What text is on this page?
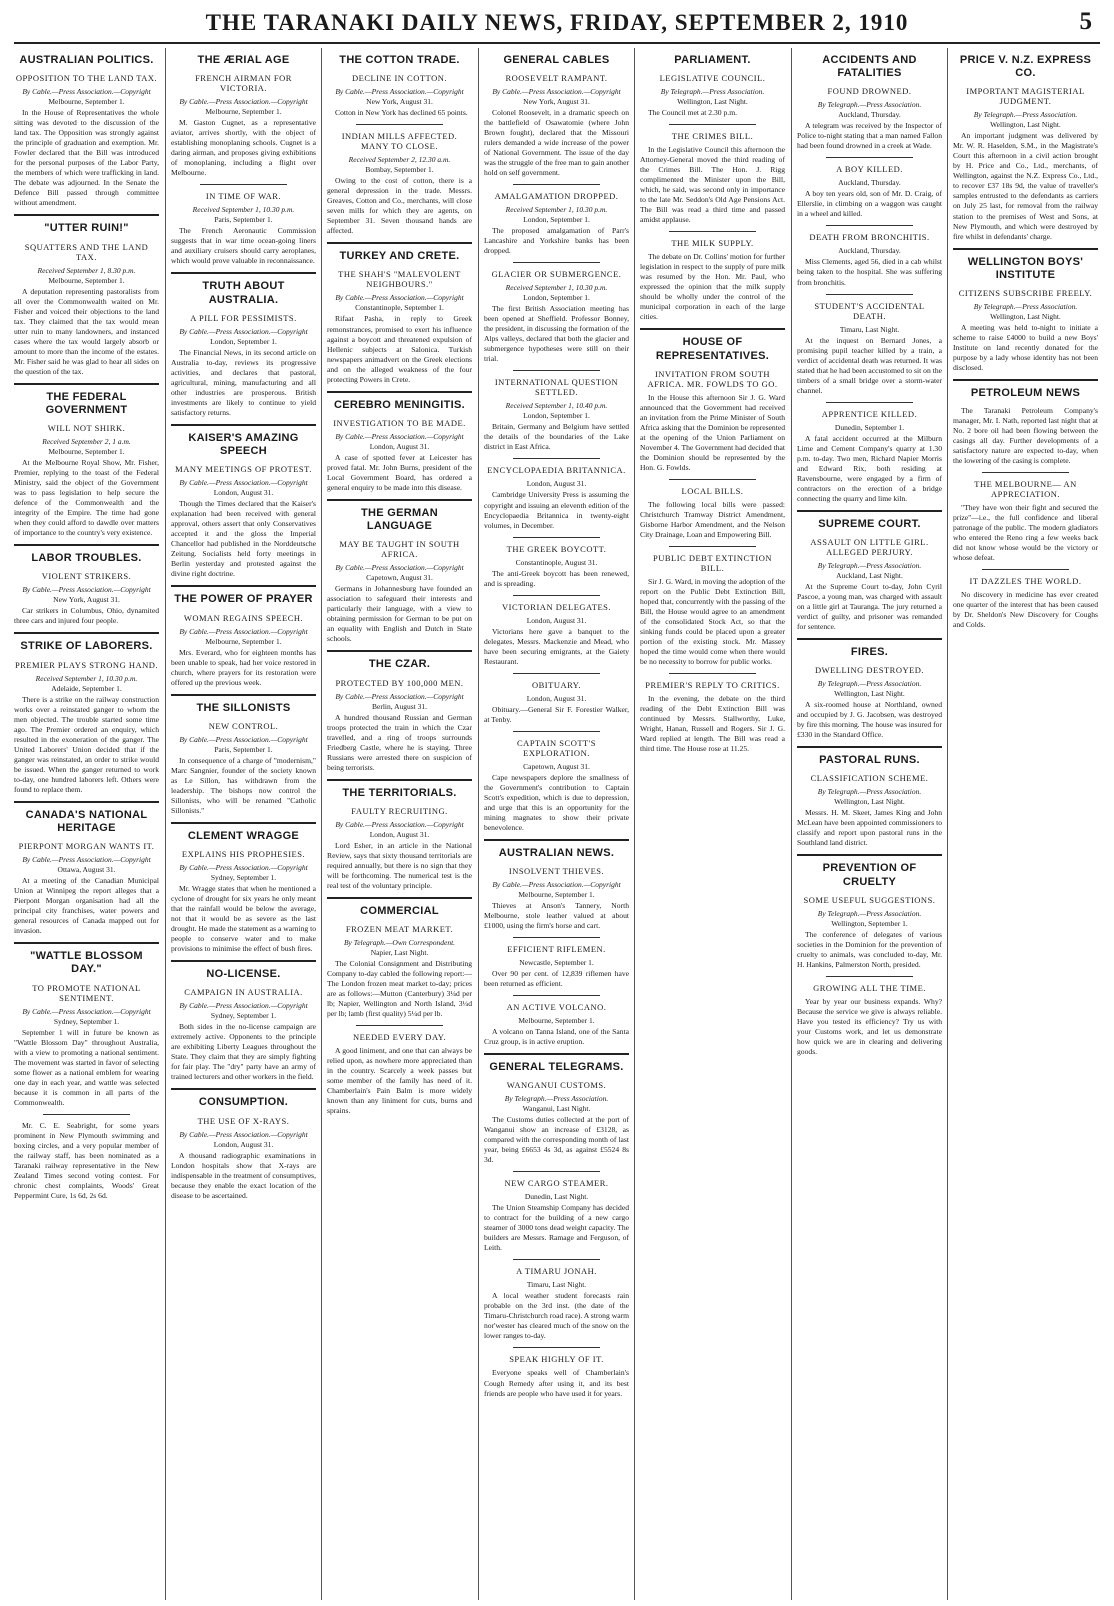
THE TARANAKI DAILY NEWS, FRIDAY, SEPTEMBER 2, 1910	5
AUSTRALIAN POLITICS.
OPPOSITION TO THE LAND TAX.
By Cable.—Press Association.—Copyright
Melbourne, September 1.
In the House of Representatives the whole sitting was devoted to the discussion of the land tax. The Opposition was strongly against the principle of graduation and exemption. Mr. Fowler declared that the Bill was introduced for the personal purposes of the Labor Party, the members of which were trafficking in land. The debate was adjourned. In the Senate the Defence Bill passed through committee without amendment.
"UTTER RUIN!"
SQUATTERS AND THE LAND TAX.
Received September 1, 8.30 p.m.
Melbourne, September 1.
A deputation representing pastoralists from all over the Commonwealth waited on Mr. Fisher and voiced their objections to the land tax. They claimed that the tax would mean utter ruin to many landowners, and instanced cases where the tax would largely absorb or amount to more than the income of the estates. Mr. Fisher said he was glad to hear all sides on the question of the tax.
THE FEDERAL GOVERNMENT
WILL NOT SHIRK.
Received September 2, 1 a.m.
Melbourne, September 1.
At the Melbourne Royal Show, Mr. Fisher, Premier, replying to the toast of the Federal Ministry, said the object of the Government was to pass legislation to help secure the defence of the Commonwealth and the integrity of the Empire. The time had gone when they could afford to dawdle over matters of importance to the country's very existence.
LABOR TROUBLES.
VIOLENT STRIKERS.
By Cable.—Press Association.—Copyright
New York, August 31.
Car strikers in Columbus, Ohio, dynamited three cars and injured four people.
STRIKE OF LABORERS.
PREMIER PLAYS STRONG HAND.
Received September 1, 10.30 p.m.
Adelaide, September 1.
There is a strike on the railway construction works over a reinstated ganger to whom the men objected. The trouble started some time ago. The Premier ordered an enquiry, which resulted in the exoneration of the ganger. The United Laborers' Union decided that if the ganger was reinstated, an order to strike would be issued. When the ganger returned to work to-day, one hundred laborers left. Others were found to replace them.
CANADA'S NATIONAL HERITAGE
PIERPONT MORGAN WANTS IT.
By Cable.—Press Association.—Copyright
Ottawa, August 31.
At a meeting of the Canadian Municipal Union at Winnipeg the report alleges that a Pierpont Morgan organisation had all the principal city franchises, water powers and general resources of Canada mapped out for invasion.
"WATTLE BLOSSOM DAY."
TO PROMOTE NATIONAL SENTIMENT.
By Cable.—Press Association.—Copyright
Sydney, September 1.
September 1 will in future be known as "Wattle Blossom Day" throughout Australia, with a view to promoting a national sentiment. The movement was started in favor of selecting some flower as a national emblem for wearing one day in each year, and wattle was selected because it is common in all parts of the Commonwealth.
Mr. C. E. Seabright, for some years prominent in New Plymouth swimming and boxing circles, and a very popular member of the railway staff, has been nominated as a Taranaki railway representative in the New Zealand Times second voting contest. For chronic chest complaints, Woods' Great Peppermint Cure, 1s 6d, 2s 6d.
THE ÆRIAL AGE
FRENCH AIRMAN FOR VICTORIA.
By Cable.—Press Association.—Copyright
Melbourne, September 1.
M. Gaston Cugnet, as a representative aviator, arrives shortly, with the object of establishing monoplaning schools. Cugnet is a daring airman, and proposes giving exhibitions of monoplaning, including a flight over Melbourne.
IN TIME OF WAR.
Received September 1, 10.30 p.m.
Paris, September 1.
The French Aeronautic Commission suggests that in war time ocean-going liners and auxiliary cruisers should carry aeroplanes, which would prove valuable in reconnaissance.
TRUTH ABOUT AUSTRALIA.
A PILL FOR PESSIMISTS.
By Cable.—Press Association.—Copyright
London, September 1.
The Financial News, in its second article on Australia to-day, reviews its progressive activities, and declares that pastoral, agricultural, mining, manufacturing and all other industries are prosperous. British investments are likely to continue to yield satisfactory returns.
KAISER'S AMAZING SPEECH
MANY MEETINGS OF PROTEST.
By Cable.—Press Association.—Copyright
London, August 31.
Though the Times declared that the Kaiser's explanation had been received with general approval, others assert that only Conservatives accepted it and the gloss the Imperial Chancellor had published in the Norddeutsche Zeitung. Socialists held forty meetings in Berlin yesterday and protested against the divine right doctrine.
THE POWER OF PRAYER
WOMAN REGAINS SPEECH.
By Cable.—Press Association.—Copyright
Melbourne, September 1.
Mrs. Everard, who for eighteen months has been unable to speak, had her voice restored in church, where prayers for its restoration were offered up the previous week.
THE SILLONISTS
NEW CONTROL.
By Cable.—Press Association.—Copyright
Paris, September 1.
In consequence of a charge of "modernism," Marc Sangnier, founder of the society known as Le Sillon, has withdrawn from the leadership. The bishops now control the Sillonists, who will be renamed "Catholic Sillonists."
CLEMENT WRAGGE
EXPLAINS HIS PROPHESIES.
By Cable.—Press Association.—Copyright
Sydney, September 1.
Mr. Wragge states that when he mentioned a cyclone of drought for six years he only meant that the rainfall would be below the average, not that it would be as severe as the last drought. He made the statement as a warning to people to conserve water and to make provisions to minimise the effect of bush fires.
NO-LICENSE.
CAMPAIGN IN AUSTRALIA.
By Cable.—Press Association.—Copyright
Sydney, September 1.
Both sides in the no-license campaign are extremely active. Opponents to the principle are exhibiting Liberty Leagues throughout the State. They claim that they are simply fighting for fair play. The "dry" party have an army of trained lecturers and other workers in the field.
CONSUMPTION.
THE USE OF X-RAYS.
By Cable.—Press Association.—Copyright
London, August 31.
A thousand radiographic examinations in London hospitals show that X-rays are indispensable in the treatment of consumptives, because they enable the exact location of the disease to be ascertained.
THE COTTON TRADE.
DECLINE IN COTTON.
By Cable.—Press Association.—Copyright
New York, August 31.
Cotton in New York has declined 65 points.
INDIAN MILLS AFFECTED. MANY TO CLOSE.
Received September 2, 12.30 a.m.
Bombay, September 1.
Owing to the cost of cotton, there is a general depression in the trade. Messrs. Greaves, Cotton and Co., merchants, will close seven mills for which they are agents, on September 31. Seven thousand hands are affected.
TURKEY AND CRETE.
THE SHAH'S "MALEVOLENT NEIGHBOURS."
By Cable.—Press Association.—Copyright
Constantinople, September 1.
Rifaat Pasha, in reply to Greek remonstrances, promised to exert his influence against a boycott and threatened expulsion of Hellenic subjects at Salonica. Turkish newspapers animadvert on the Greek elections and on the alleged weakness of the four protecting Powers in Crete.
CEREBRO MENINGITIS.
INVESTIGATION TO BE MADE.
By Cable.—Press Association.—Copyright
London, August 31.
A case of spotted fever at Leicester has proved fatal. Mr. John Burns, president of the Local Government Board, has ordered a general enquiry to be made into this disease.
THE GERMAN LANGUAGE
MAY BE TAUGHT IN SOUTH AFRICA.
By Cable.—Press Association.—Copyright
Capetown, August 31.
Germans in Johannesburg have founded an association to safeguard their interests and particularly their language, with a view to obtaining permission for German to be put on an equality with English and Dutch in State schools.
THE CZAR.
PROTECTED BY 100,000 MEN.
By Cable.—Press Association.—Copyright
Berlin, August 31.
A hundred thousand Russian and German troops protected the train in which the Czar travelled, and a ring of troops surrounds Friedberg Castle, where he is staying. Three Russians were arrested there on suspicion of being terrorists.
THE TERRITORIALS.
FAULTY RECRUITING.
By Cable.—Press Association.—Copyright
London, August 31.
Lord Esher, in an article in the National Review, says that sixty thousand territorials are required annually, but there is no sign that they will be forthcoming. The numerical test is the real test of the voluntary principle.
COMMERCIAL
FROZEN MEAT MARKET.
By Telegraph.—Own Correspondent.
Napier, Last Night.
The Colonial Consignment and Distributing Company to-day cabled the following report:—The London frozen meat market to-day; prices are as follows:—Mutton (Canterbury) 3¼d per lb; Napier, Wellington and North Island, 3¼d per lb; lamb (first quality) 5¼d per lb.
NEEDED EVERY DAY.
A good liniment, and one that can always be relied upon, as nowhere more appreciated than in the country. Scarcely a week passes but some member of the family has need of it. Chamberlain's Pain Balm is more widely known than any liniment for cuts, burns and sprains.
GENERAL CABLES
ROOSEVELT RAMPANT.
By Cable.—Press Association.—Copyright
New York, August 31.
Colonel Roosevelt, in a dramatic speech on the battlefield of Osawatomie (where John Brown fought), declared that the Missouri rulers demanded a wide increase of the power of National Government. The issue of the day was the struggle of the free man to gain another hold on self government.
AMALGAMATION DROPPED.
Received September 1, 10.30 p.m.
London, September 1.
The proposed amalgamation of Parr's Lancashire and Yorkshire banks has been dropped.
GLACIER OR SUBMERGENCE.
Received September 1, 10.30 p.m.
London, September 1.
The first British Association meeting has been opened at Sheffield. Professor Bonney, the president, in discussing the formation of the Alps valleys, declared that both the glacier and submergence hypotheses were still on their trial.
INTERNATIONAL QUESTION SETTLED.
Received September 1, 10.40 p.m.
London, September 1.
Britain, Germany and Belgium have settled the details of the boundaries of the Lake district in East Africa.
ENCYCLOPAEDIA BRITANNICA.
London, August 31.
Cambridge University Press is assuming the copyright and issuing an eleventh edition of the Encyclopaedia Britannica in twenty-eight volumes, in December.
THE GREEK BOYCOTT.
Constantinople, August 31.
The anti-Greek boycott has been renewed, and is spreading.
VICTORIAN DELEGATES.
London, August 31.
Victorians here gave a banquet to the delegates, Messrs. Mackenzie and Mead, who have been securing emigrants, at the Gaiety Restaurant.
OBITUARY.
London, August 31.
Obituary.—General Sir F. Forestier Walker, at Tenby.
CAPTAIN SCOTT'S EXPLORATION.
Capetown, August 31.
Cape newspapers deplore the smallness of the Government's contribution to Captain Scott's expedition, which is due to depression, and urge that this is an opportunity for the mining magnates to show their private benevolence.
AUSTRALIAN NEWS.
INSOLVENT THIEVES.
By Cable.—Press Association.—Copyright
Melbourne, September 1.
Thieves at Anson's Tannery, North Melbourne, stole leather valued at about £1000, using the firm's horse and cart.
EFFICIENT RIFLEMEN.
Newcastle, September 1.
Over 90 per cent. of 12,839 riflemen have been returned as efficient.
AN ACTIVE VOLCANO.
Melbourne, September 1.
A volcano on Tanna Island, one of the Santa Cruz group, is in active eruption.
GENERAL TELEGRAMS.
WANGANUI CUSTOMS.
By Telegraph.—Press Association.
Wanganui, Last Night.
The Customs duties collected at the port of Wanganui show an increase of £3128, as compared with the corresponding month of last year, being £6653 4s 3d, as against £5524 8s 3d.
NEW CARGO STEAMER.
Dunedin, Last Night.
The Union Steamship Company has decided to contract for the building of a new cargo steamer of 3000 tons dead weight capacity. The builders are Messrs. Ramage and Ferguson, of Leith.
A TIMARU JONAH.
Timaru, Last Night.
A local weather student forecasts rain probable on the 3rd inst. (the date of the Timaru-Christchurch road race). A strong warm nor'wester has cleared much of the snow on the lower ranges to-day.
SPEAK HIGHLY OF IT.
Everyone speaks well of Chamberlain's Cough Remedy after using it, and its best friends are people who have used it for years.
PARLIAMENT.
LEGISLATIVE COUNCIL.
By Telegraph.—Press Association.
Wellington, Last Night.
The Council met at 2.30 p.m.
THE CRIMES BILL.
In the Legislative Council this afternoon the Attorney-General moved the third reading of the Crimes Bill. The Hon. J. Rigg complimented the Minister upon the Bill, which, he said, was second only in importance to the late Mr. Seddon's Old Age Pensions Act. The Bill was read a third time and passed amidst applause.
THE MILK SUPPLY.
The debate on Dr. Collins' motion for further legislation in respect to the supply of pure milk was resumed by the Hon. Mr. Paul, who expressed the opinion that the milk supply should be wholly under the control of the municipal corporation in each of the large cities.
HOUSE OF REPRESENTATIVES.
INVITATION FROM SOUTH AFRICA. MR. FOWLDS TO GO.
In the House this afternoon Sir J. G. Ward announced that the Government had received an invitation from the Prime Minister of South Africa asking that the Dominion be represented at the opening of the Union Parliament on November 4. The Government had decided that the Dominion should be represented by the Hon. G. Fowlds.
LOCAL BILLS.
The following local bills were passed: Christchurch Tramway District Amendment, Gisborne Harbor Amendment, and the Nelson City Drainage, Loan and Empowering Bill.
PUBLIC DEBT EXTINCTION BILL.
Sir J. G. Ward, in moving the adoption of the report on the Public Debt Extinction Bill, hoped that, concurrently with the passing of the Bill, the House would agree to an amendment of the consolidated Stock Act, so that the sinking funds could be placed upon a greater portion of the existing stock. Mr. Massey hoped the time would come when there would be no necessity to borrow for public works.
PREMIER'S REPLY TO CRITICS.
In the evening, the debate on the third reading of the Debt Extinction Bill was continued by Messrs. Stallworthy, Luke, Wright, Hanan, Russell and Rogers. Sir J. G. Ward replied at length. The Bill was read a third time. The House rose at 11.25.
ACCIDENTS AND FATALITIES
FOUND DROWNED.
By Telegraph.—Press Association.
Auckland, Thursday.
A telegram was received by the Inspector of Police to-night stating that a man named Fallon had been found drowned in a creek at Wade.
A BOY KILLED.
Auckland, Thursday.
A boy ten years old, son of Mr. D. Craig, of Ellerslie, in climbing on a waggon was caught in a wheel and killed.
DEATH FROM BRONCHITIS.
Auckland, Thursday.
Miss Clements, aged 56, died in a cab whilst being taken to the hospital. She was suffering from bronchitis.
STUDENT'S ACCIDENTAL DEATH.
Timaru, Last Night.
At the inquest on Bernard Jones, a promising pupil teacher killed by a train, a verdict of accidental death was returned. It was stated that he had been accustomed to sit on the timbers of a small bridge over a storm-water channel.
APPRENTICE KILLED.
Dunedin, September 1.
A fatal accident occurred at the Milburn Lime and Cement Company's quarry at 1.30 p.m. to-day. Two men, Richard Napier Morris and Edward Rix, both residing at Ravensbourne, were engaged by a firm of contractors on the erection of a bridge connecting the quarry and lime kiln.
SUPREME COURT.
ASSAULT ON LITTLE GIRL. ALLEGED PERJURY.
By Telegraph.—Press Association.
Auckland, Last Night.
At the Supreme Court to-day, John Cyril Pascoe, a young man, was charged with assault on a little girl at Tauranga. The jury returned a verdict of guilty, and prisoner was remanded for sentence.
FIRES.
DWELLING DESTROYED.
By Telegraph.—Press Association.
Wellington, Last Night.
A six-roomed house at Northland, owned and occupied by J. G. Jacobsen, was destroyed by fire this morning. The house was insured for £330 in the Standard Office.
PASTORAL RUNS.
CLASSIFICATION SCHEME.
By Telegraph.—Press Association.
Wellington, Last Night.
Messrs. H. M. Skeet, James King and John McLean have been appointed commissioners to classify and report upon pastoral runs in the Southland land district.
PREVENTION OF CRUELTY
SOME USEFUL SUGGESTIONS.
By Telegraph.—Press Association.
Wellington, September 1.
The conference of delegates of various societies in the Dominion for the prevention of cruelty to animals, was concluded to-day, Mr. H. Hankins, Palmerston North, presided.
GROWING ALL THE TIME.
Year by year our business expands. Why? Because the service we give is always reliable. Have you tested its efficiency? Try us with your Customs work, and let us demonstrate how quick we are in clearing and delivering goods.
PRICE V. N.Z. EXPRESS CO.
IMPORTANT MAGISTERIAL JUDGMENT.
By Telegraph.—Press Association.
Wellington, Last Night.
An important judgment was delivered by Mr. W. R. Haselden, S.M., in the Magistrate's Court this afternoon in a civil action brought by H. Price and Co., Ltd., merchants, of Wellington, against the N.Z. Express Co., Ltd., to recover £37 18s 9d, the value of traveller's samples entrusted to the defendants as carriers on July 25 last, for removal from the railway station to the premises of West and Sons, at New Plymouth, and which were destroyed by fire whilst in defendants' charge.
WELLINGTON BOYS' INSTITUTE
CITIZENS SUBSCRIBE FREELY.
By Telegraph.—Press Association.
Wellington, Last Night.
A meeting was held to-night to initiate a scheme to raise £4000 to build a new Boys' Institute on land recently donated for the purpose by a lady whose identity has not been disclosed.
PETROLEUM NEWS
The Taranaki Petroleum Company's manager, Mr. I. Nath, reported last night that at No. 2 bore oil had been flowing between the casings all day. Further developments of a satisfactory nature are expected to-day, when the lowering of the casing is complete.
THE MELBOURNE— AN APPRECIATION.
"They have won their fight and secured the prize"—i.e., the full confidence and liberal patronage of the public. The modern gladiators who entered the Reno ring a few weeks back did not know whose would be the victory or whose defeat.
IT DAZZLES THE WORLD.
No discovery in medicine has ever created one quarter of the interest that has been caused by Dr. Sheldon's New Discovery for Coughs and Colds.
